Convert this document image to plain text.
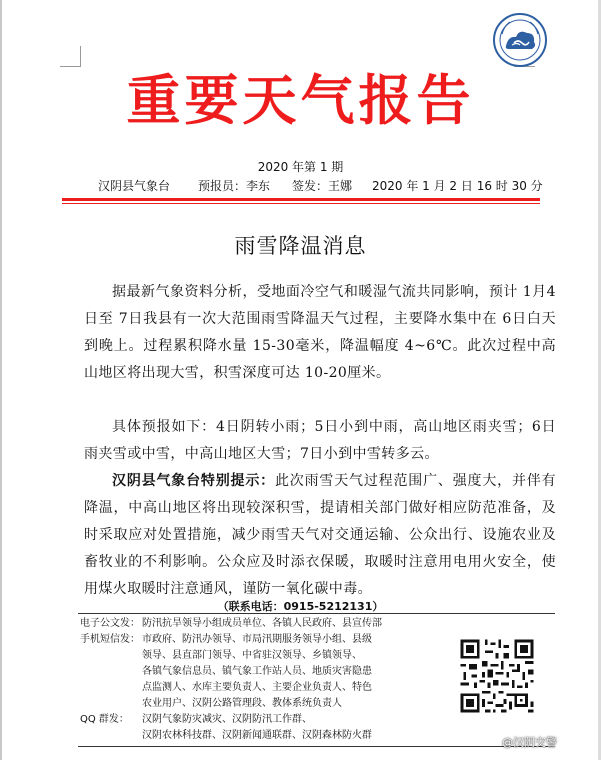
重要天气报告
2020 年第 1 期
汉阴县气象台 预报员：李东 签发：王娜 2020 年 1 月 2 日 16 时 30 分
雨雪降温消息
据最新气象资料分析，受地面冷空气和暖湿气流共同影响，预计 1月4日至 7日我县有一次大范围雨雪降温天气过程，主要降水集中在 6日白天到晚上。过程累积降水量 15-30毫米，降温幅度 4~6℃。此次过程中高山地区将出现大雪，积雪深度可达 10-20厘米。
具体预报如下：4日阴转小雨；5日小到中雨，高山地区雨夹雪；6日雨夹雪或中雪，中高山地区大雪；7日小到中雪转多云。
汉阴县气象台特别提示：此次雨雪天气过程范围广、强度大，并伴有降温，中高山地区将出现较深积雪，提请相关部门做好相应防范准备，及时采取应对处置措施，减少雨雪天气对交通运输、公众出行、设施农业及畜牧业的不利影响。公众应及时添衣保暖，取暖时注意用电用火安全，使用煤火取暖时注意通风，谨防一氧化碳中毒。
（联系电话：0915-5212131）
电子公文发： 防汛抗旱领导小组成员单位、各镇人民政府、县宣传部
手机短信发： 市政府、防汛办领导、市局汛期服务领导小组、县级
领导、县直部门领导、中省驻汉领导、乡镇领导、
各镇气象信息员、镇气象工作站人员、地质灾害隐患
点监测人、水库主要负责人、主要企业负责人、特色
农业用户、汉阴公路管理段、教体系统负责人
QQ 群发： 汉阴气象防灾减灾、汉阴防汛工作群、
汉阴农林科技群、汉阴新闻通联群、汉阴森林防火群
@汉阴交警
